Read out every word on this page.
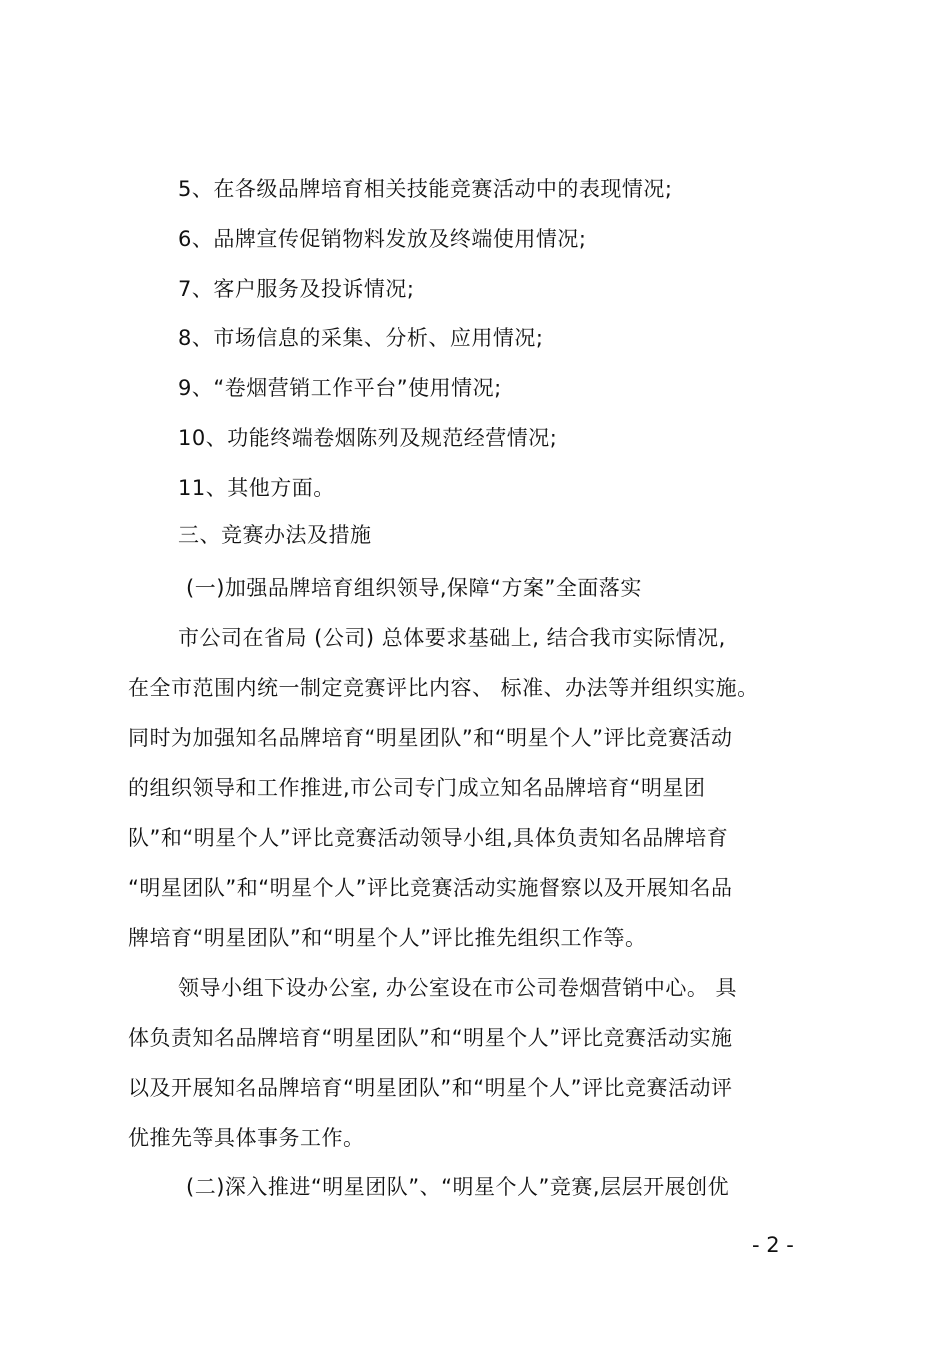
5、在各级品牌培育相关技能竞赛活动中的表现情况;
6、品牌宣传促销物料发放及终端使用情况;
7、客户服务及投诉情况;
8、市场信息的采集、分析、应用情况;
9、“卷烟营销工作平台”使用情况;
10、功能终端卷烟陈列及规范经营情况;
11、其他方面。
三、竞赛办法及措施
(一)加强品牌培育组织领导,保障“方案”全面落实
市公司在省局 (公司) 总体要求基础上, 结合我市实际情况,
在全市范围内统一制定竞赛评比内容、 标准、办法等并组织实施。
同时为加强知名品牌培育“明星团队”和“明星个人”评比竞赛活动
的组织领导和工作推进,市公司专门成立知名品牌培育“明星团
队”和“明星个人”评比竞赛活动领导小组,具体负责知名品牌培育
“明星团队”和“明星个人”评比竞赛活动实施督察以及开展知名品
牌培育“明星团队”和“明星个人”评比推先组织工作等。
领导小组下设办公室, 办公室设在市公司卷烟营销中心。 具
体负责知名品牌培育“明星团队”和“明星个人”评比竞赛活动实施
以及开展知名品牌培育“明星团队”和“明星个人”评比竞赛活动评
优推先等具体事务工作。
(二)深入推进“明星团队”、“明星个人”竞赛,层层开展创优
- 2 -
